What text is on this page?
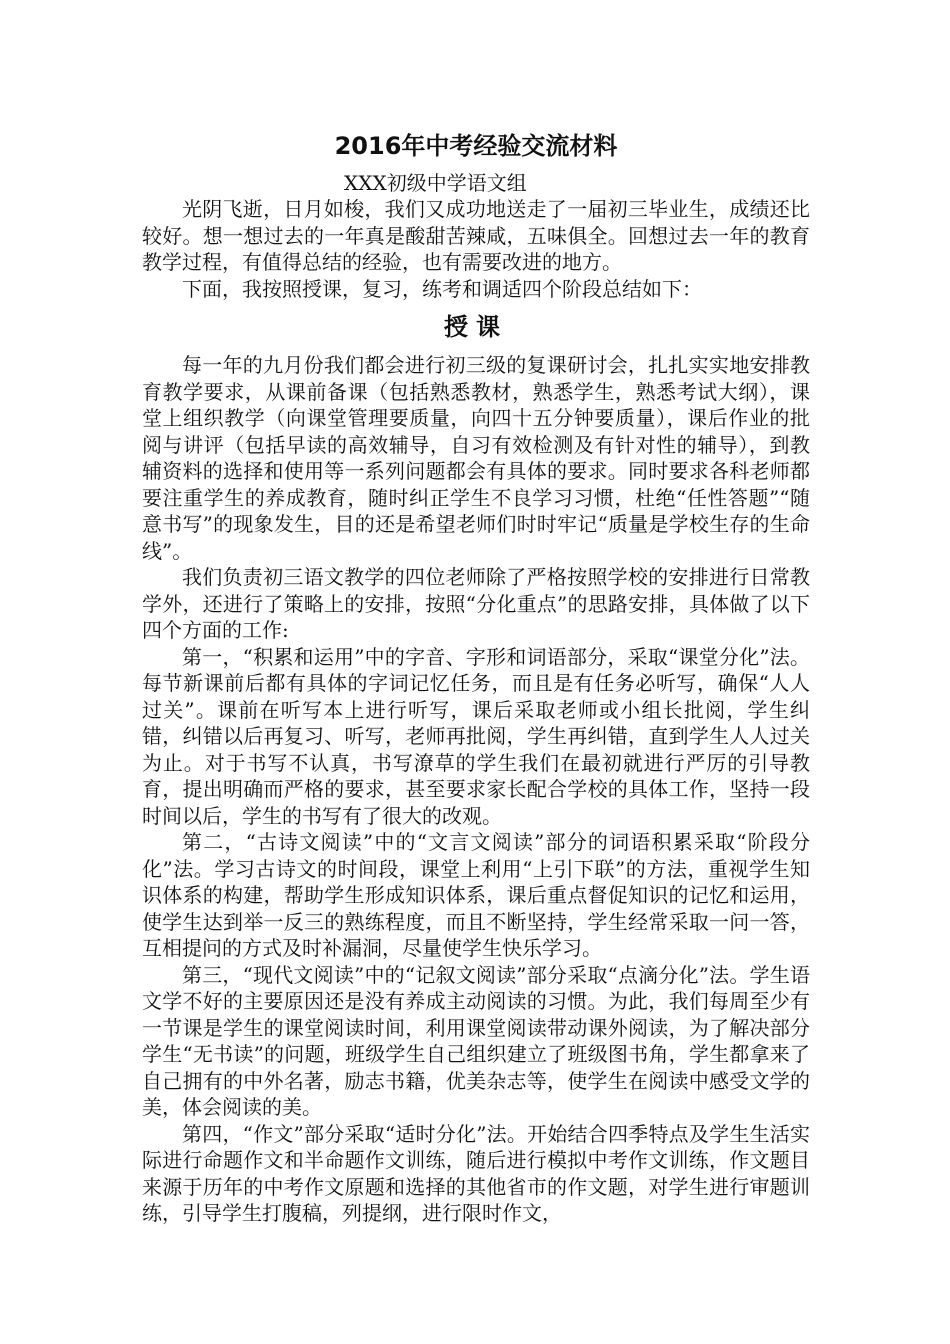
2016年中考经验交流材料

XXX初级中学语文组

光阴飞逝，日月如梭，我们又成功地送走了一届初三毕业生，成绩还比较好。想一想过去的一年真是酸甜苦辣咸，五味俱全。回想过去一年的教育教学过程，有值得总结的经验，也有需要改进的地方。

下面，我按照授课，复习，练考和调适四个阶段总结如下：

授课

每一年的九月份我们都会进行初三级的复课研讨会，扎扎实实地安排教育教学要求，从课前备课（包括熟悉教材，熟悉学生，熟悉考试大纲），课堂上组织教学（向课堂管理要质量，向四十五分钟要质量），课后作业的批阅与讲评（包括早读的高效辅导，自习有效检测及有针对性的辅导），到教辅资料的选择和使用等一系列问题都会有具体的要求。同时要求各科老师都要注重学生的养成教育，随时纠正学生不良学习习惯，杜绝“任性答题”“随意书写”的现象发生，目的还是希望老师们时时牢记“质量是学校生存的生命线”。

我们负责初三语文教学的四位老师除了严格按照学校的安排进行日常教学外，还进行了策略上的安排，按照“分化重点”的思路安排，具体做了以下四个方面的工作:

第一，“积累和运用”中的字音、字形和词语部分，采取“课堂分化”法。每节新课前后都有具体的字词记忆任务，而且是有任务必听写，确保“人人过关”。课前在听写本上进行听写，课后采取老师或小组长批阅，学生纠错，纠错以后再复习、听写，老师再批阅，学生再纠错，直到学生人人过关为止。对于书写不认真，书写潦草的学生我们在最初就进行严厉的引导教育，提出明确而严格的要求，甚至要求家长配合学校的具体工作，坚持一段时间以后，学生的书写有了很大的改观。

第二，“古诗文阅读”中的“文言文阅读”部分的词语积累采取“阶段分化”法。学习古诗文的时间段，课堂上利用“上引下联”的方法，重视学生知识体系的构建，帮助学生形成知识体系，课后重点督促知识的记忆和运用，使学生达到举一反三的熟练程度，而且不断坚持，学生经常采取一问一答，互相提问的方式及时补漏洞，尽量使学生快乐学习。

第三，“现代文阅读”中的“记叙文阅读”部分采取“点滴分化”法。学生语文学不好的主要原因还是没有养成主动阅读的习惯。为此，我们每周至少有一节课是学生的课堂阅读时间，利用课堂阅读带动课外阅读，为了解决部分学生“无书读”的问题，班级学生自己组织建立了班级图书角，学生都拿来了自己拥有的中外名著，励志书籍，优美杂志等，使学生在阅读中感受文学的美，体会阅读的美。

第四，“作文”部分采取“适时分化”法。开始结合四季特点及学生生活实际进行命题作文和半命题作文训练，随后进行模拟中考作文训练，作文题目来源于历年的中考作文原题和选择的其他省市的作文题，对学生进行审题训练，引导学生打腹稿，列提纲，进行限时作文，
